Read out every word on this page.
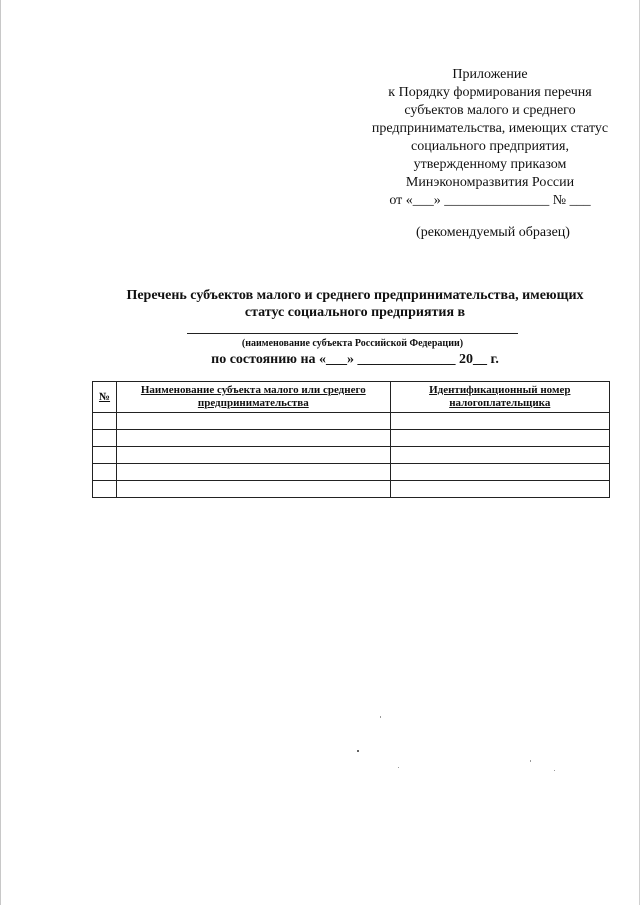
Приложение
к Порядку формирования перечня
субъектов малого и среднего
предпринимательства, имеющих статус
социального предприятия,
утвержденному приказом
Минэкономразвития России
от «___» _______________ № ___
(рекомендуемый образец)
Перечень субъектов малого и среднего предпринимательства, имеющих
статус социального предприятия в
(наименование субъекта Российской Федерации)
по состоянию на «___» ______________ 20__ г.
№	Наименование субъекта малого или среднего предпринимательства	Идентификационный номер налогоплательщика
